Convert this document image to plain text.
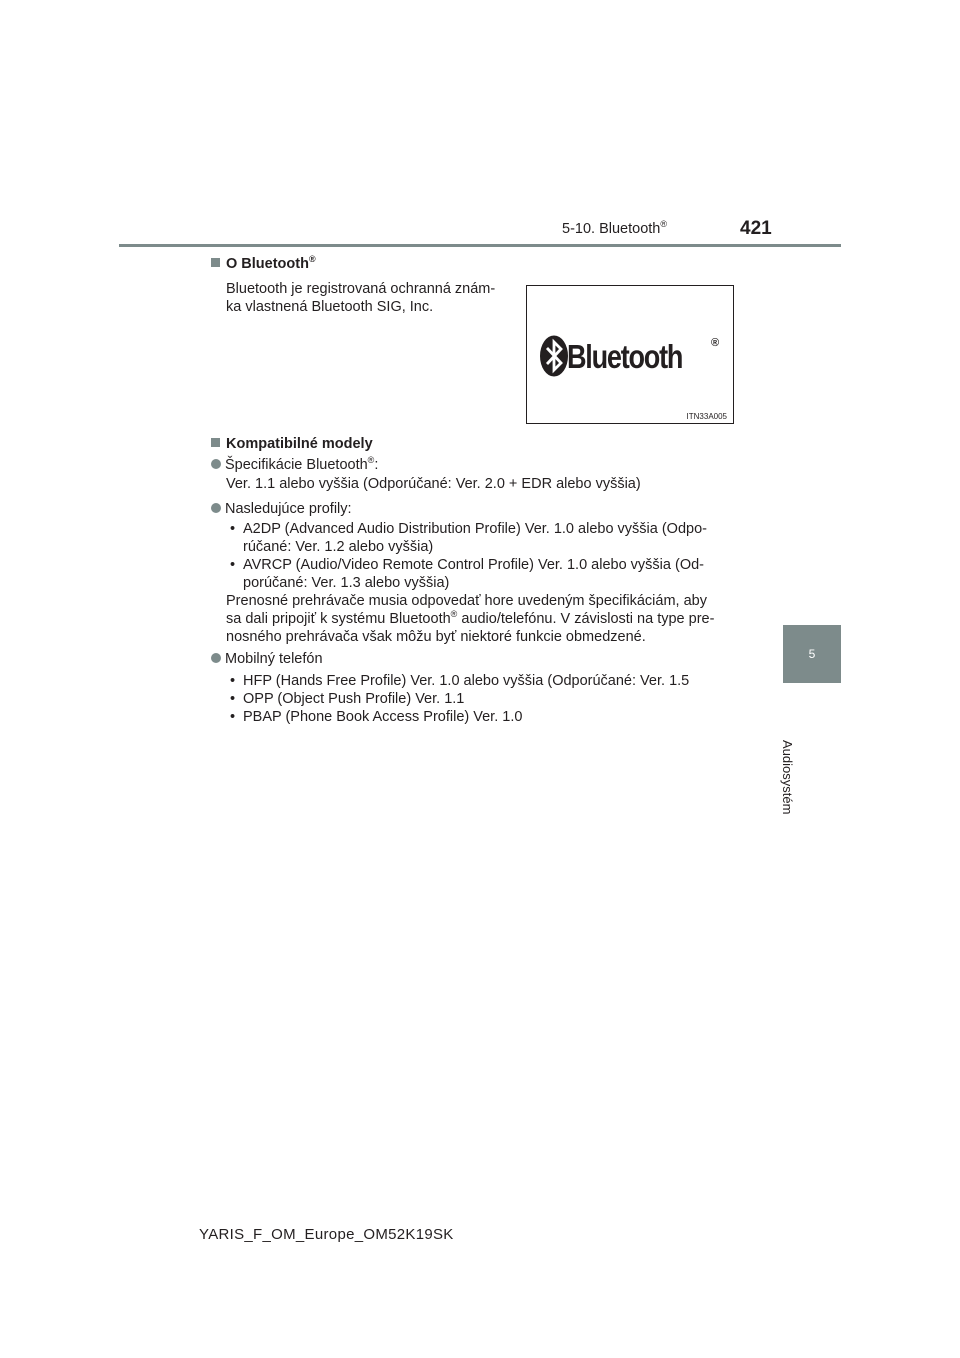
5-10. Bluetooth®	421
5
Audiosystém
O Bluetooth®
Bluetooth je registrovaná ochranná znám-
ka vlastnená Bluetooth SIG, Inc.
Bluetooth	®
ITN33A005
Kompatibilné modely
Špecifikácie Bluetooth®:
Ver. 1.1 alebo vyššia (Odporúčané: Ver. 2.0 + EDR alebo vyššia)
Nasledujúce profily:
• A2DP (Advanced Audio Distribution Profile) Ver. 1.0 alebo vyššia (Odpo-
rúčané: Ver. 1.2 alebo vyššia)
• AVRCP (Audio/Video Remote Control Profile) Ver. 1.0 alebo vyššia (Od-
porúčané: Ver. 1.3 alebo vyššia)
Prenosné prehrávače musia odpovedať hore uvedeným špecifikáciám, aby
sa dali pripojiť k systému Bluetooth® audio/telefónu. V závislosti na type pre-
nosného prehrávača však môžu byť niektoré funkcie obmedzené.
Mobilný telefón
• HFP (Hands Free Profile) Ver. 1.0 alebo vyššia (Odporúčané: Ver. 1.5
• OPP (Object Push Profile) Ver. 1.1
• PBAP (Phone Book Access Profile) Ver. 1.0
YARIS_F_OM_Europe_OM52K19SK
